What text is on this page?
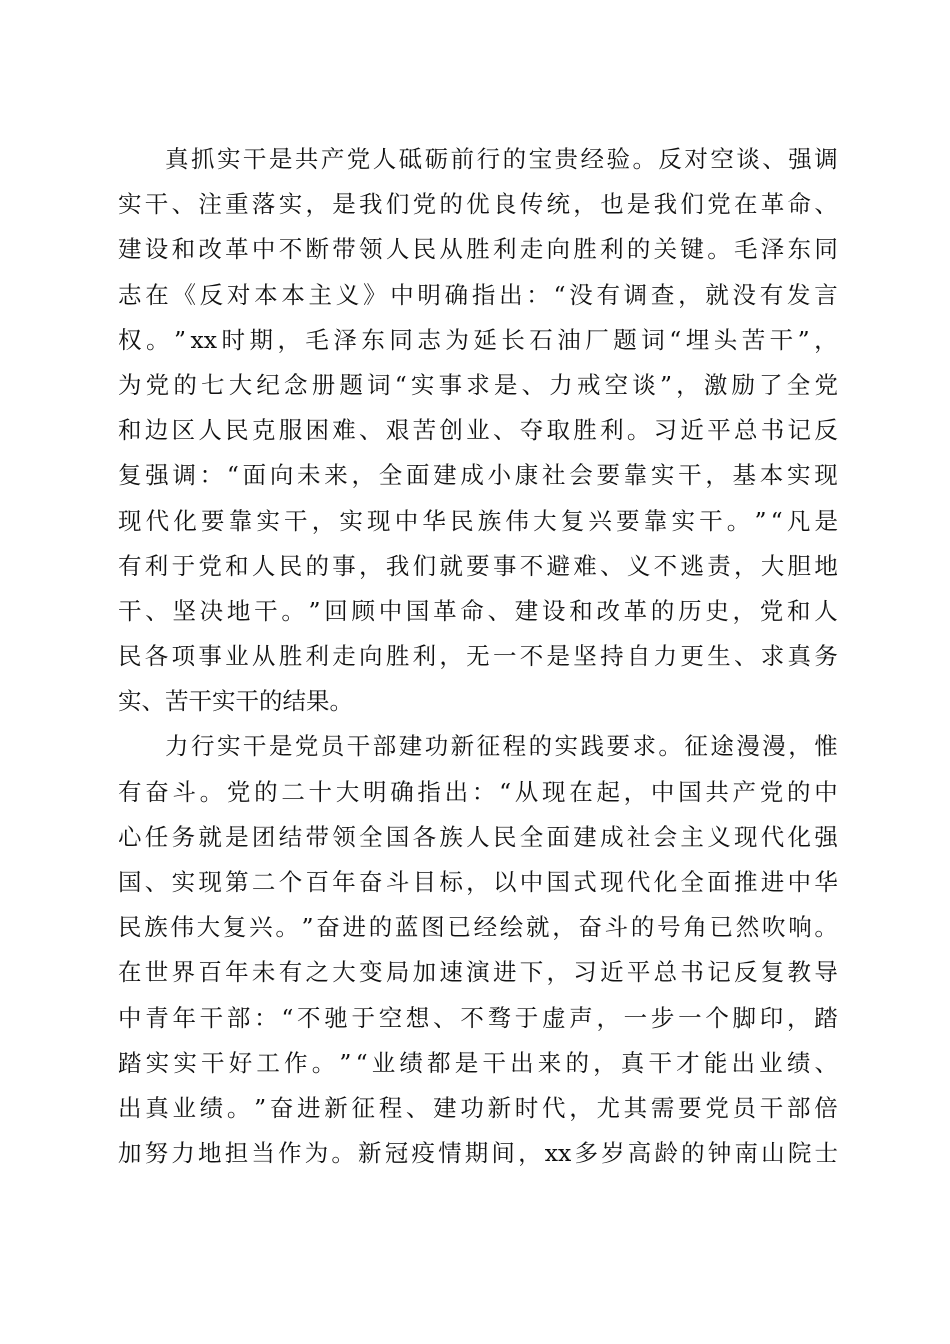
真 抓 实 干 是 共 产 党 人 砥 砺 前 行 的 宝 贵 经 验 。 反 对 空 谈 、 强 调
实 干 、 注 重 落 实 ， 是 我 们 党 的 优 良 传 统 ， 也 是 我 们 党 在 革 命 、
建 设 和 改 革 中 不 断 带 领 人 民 从 胜 利 走 向 胜 利 的 关 键 。 毛 泽 东 同
志 在 《 反 对 本 本 主 义 》 中 明 确 指 出 ： “ 没 有 调 查 ， 就 没 有 发 言
权 。 ” xx 时 期 ， 毛 泽 东 同 志 为 延 长 石 油 厂 题 词 “ 埋 头 苦 干 ” ，
为 党 的 七 大 纪 念 册 题 词 “ 实 事 求 是 、 力 戒 空 谈 ” ， 激 励 了 全 党
和 边 区 人 民 克 服 困 难 、 艰 苦 创 业 、 夺 取 胜 利 。 习 近 平 总 书 记 反
复 强 调 ： “ 面 向 未 来 ， 全 面 建 成 小 康 社 会 要 靠 实 干 ， 基 本 实 现
现 代 化 要 靠 实 干 ， 实 现 中 华 民 族 伟 大 复 兴 要 靠 实 干 。 ” “ 凡 是
有 利 于 党 和 人 民 的 事 ， 我 们 就 要 事 不 避 难 、 义 不 逃 责 ， 大 胆 地
干 、 坚 决 地 干 。 ” 回 顾 中 国 革 命 、 建 设 和 改 革 的 历 史 ， 党 和 人
民 各 项 事 业 从 胜 利 走 向 胜 利 ， 无 一 不 是 坚 持 自 力 更 生 、 求 真 务
实、苦干实干的结果。
力 行 实 干 是 党 员 干 部 建 功 新 征 程 的 实 践 要 求 。 征 途 漫 漫 ， 惟
有 奋 斗 。 党 的 二 十 大 明 确 指 出 ： “ 从 现 在 起 ， 中 国 共 产 党 的 中
心 任 务 就 是 团 结 带 领 全 国 各 族 人 民 全 面 建 成 社 会 主 义 现 代 化 强
国 、 实 现 第 二 个 百 年 奋 斗 目 标 ， 以 中 国 式 现 代 化 全 面 推 进 中 华
民 族 伟 大 复 兴 。 ” 奋 进 的 蓝 图 已 经 绘 就 ， 奋 斗 的 号 角 已 然 吹 响 。
在 世 界 百 年 未 有 之 大 变 局 加 速 演 进 下 ， 习 近 平 总 书 记 反 复 教 导
中 青 年 干 部 ： “ 不 驰 于 空 想 、 不 骛 于 虚 声 ， 一 步 一 个 脚 印 ， 踏
踏 实 实 干 好 工 作 。 ” “ 业 绩 都 是 干 出 来 的 ， 真 干 才 能 出 业 绩 、
出 真 业 绩 。 ” 奋 进 新 征 程 、 建 功 新 时 代 ， 尤 其 需 要 党 员 干 部 倍
加 努 力 地 担 当 作 为 。 新 冠 疫 情 期 间 ， xx 多 岁 高 龄 的 钟 南 山 院 士
